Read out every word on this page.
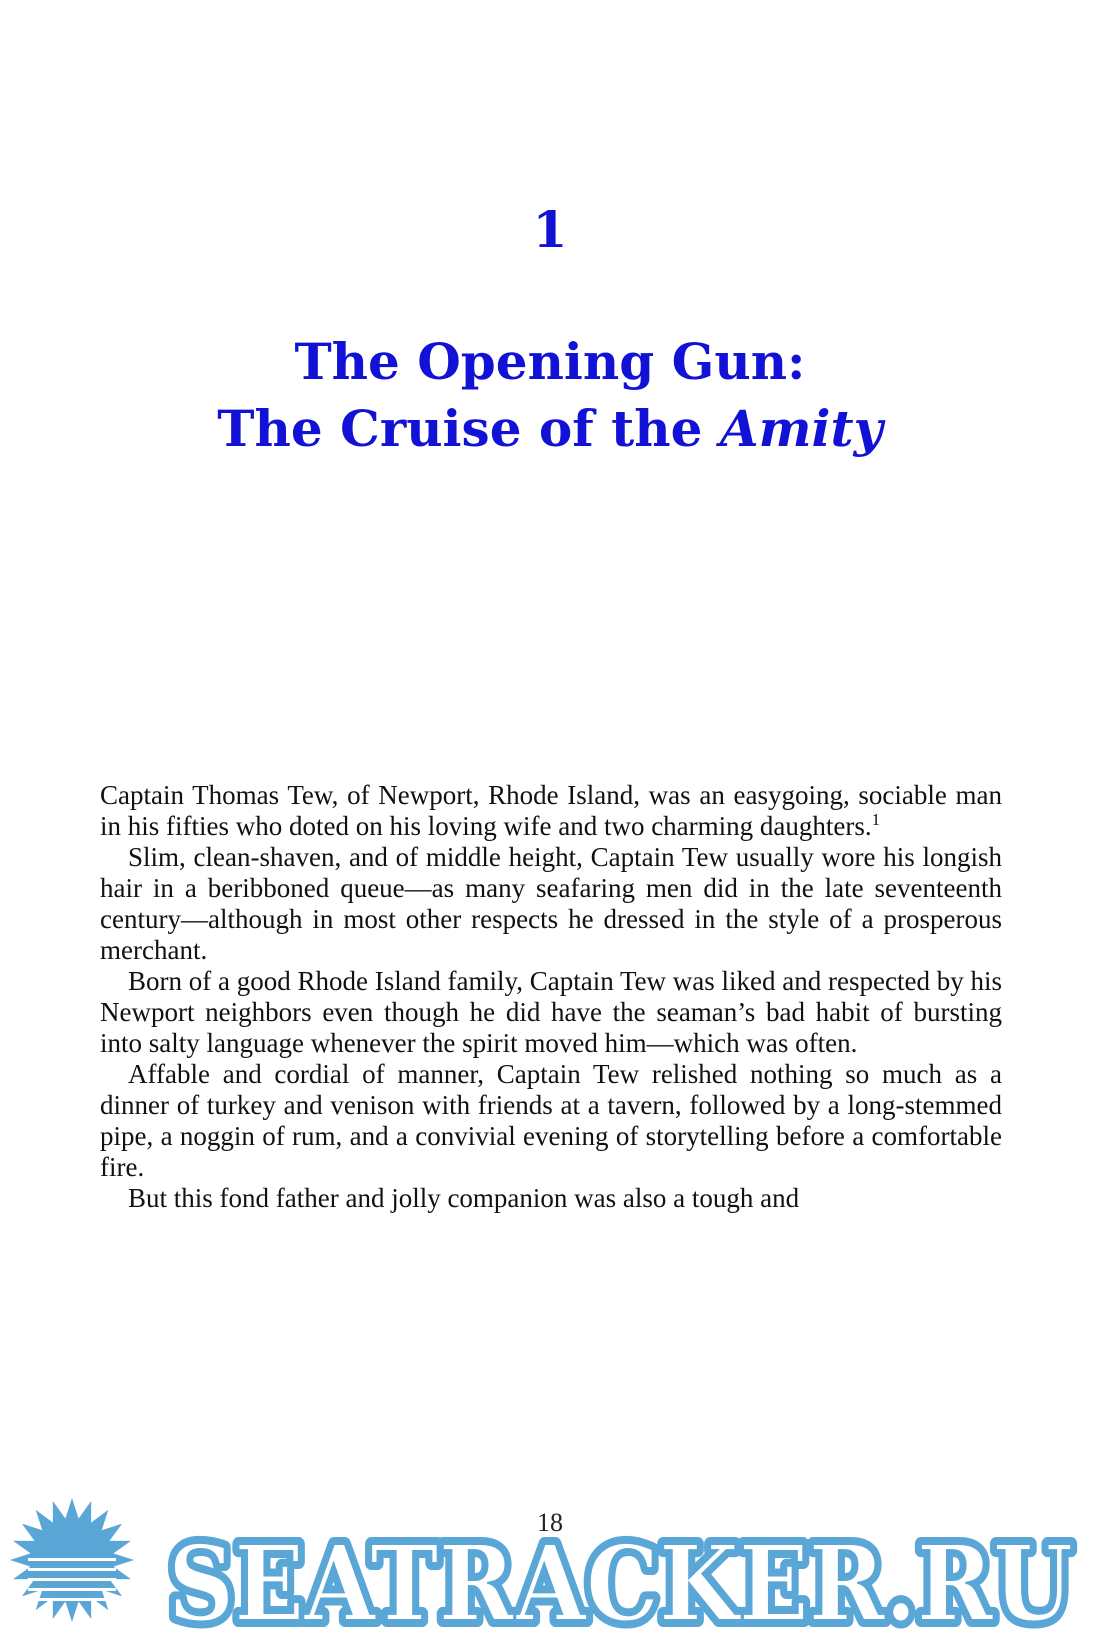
1
The Opening Gun:
The Cruise of the Amity

Captain Thomas Tew, of Newport, Rhode Island, was an easygoing, sociable man in his fifties who doted on his loving wife and two charming daughters.$^1$

Slim, clean-shaven, and of middle height, Captain Tew usually wore his longish hair in a beribboned queue—as many seafaring men did in the late seventeenth century—although in most other respects he dressed in the style of a prosperous merchant.

Born of a good Rhode Island family, Captain Tew was liked and respected by his Newport neighbors even though he did have the seaman’s bad habit of bursting into salty language whenever the spirit moved him—which was often.

Affable and cordial of manner, Captain Tew relished nothing so much as a dinner of turkey and venison with friends at a tavern, followed by a long-stemmed pipe, a noggin of rum, and a convivial evening of storytelling before a comfortable fire.

But this fond father and jolly companion was also a tough and

18
SEATRACKER.RU
SEATRACKER.RU
